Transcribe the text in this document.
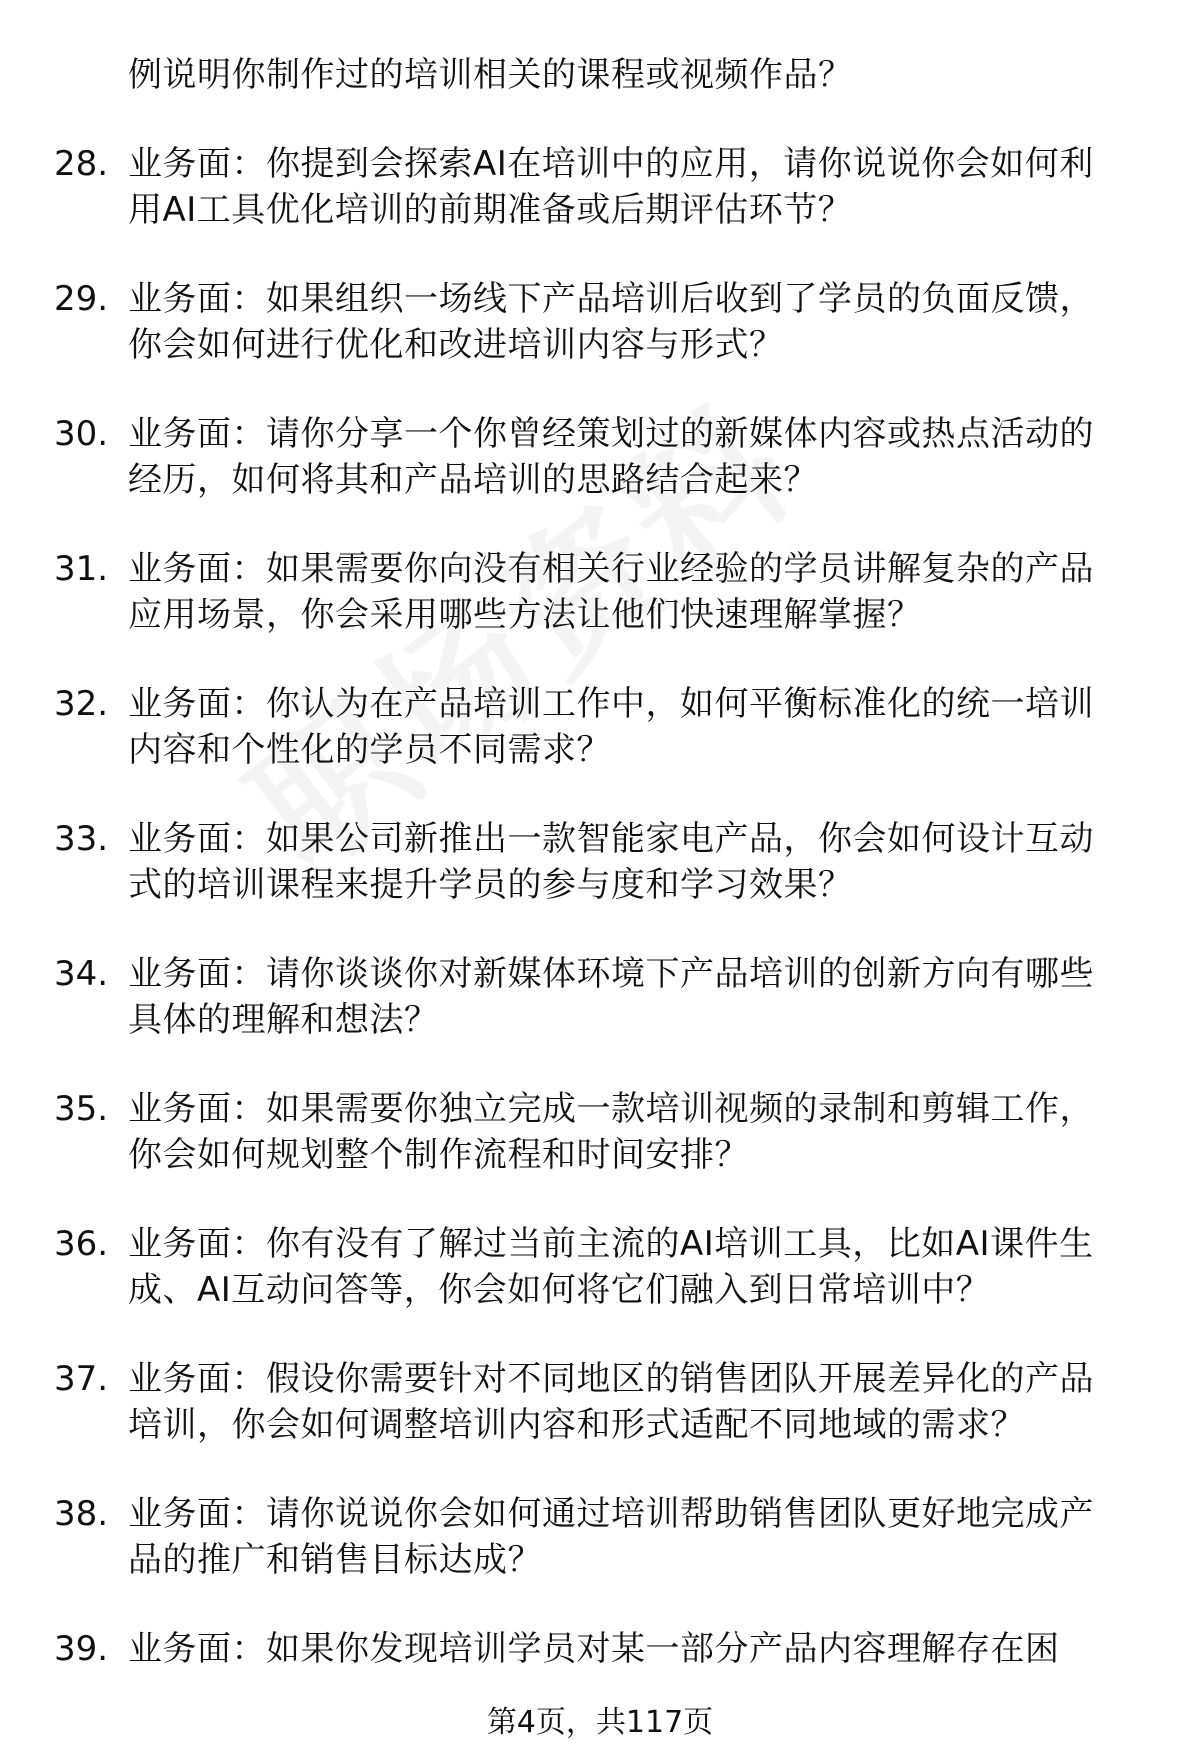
例说明你制作过的培训相关的课程或视频作品？
28. 业务面：你提到会探索AI在培训中的应用，请你说说你会如何利
用AI工具优化培训的前期准备或后期评估环节？
29. 业务面：如果组织一场线下产品培训后收到了学员的负面反馈，
你会如何进行优化和改进培训内容与形式？
30. 业务面：请你分享一个你曾经策划过的新媒体内容或热点活动的
经历，如何将其和产品培训的思路结合起来？
31. 业务面：如果需要你向没有相关行业经验的学员讲解复杂的产品
应用场景，你会采用哪些方法让他们快速理解掌握？
32. 业务面：你认为在产品培训工作中，如何平衡标准化的统一培训
内容和个性化的学员不同需求？
33. 业务面：如果公司新推出一款智能家电产品，你会如何设计互动
式的培训课程来提升学员的参与度和学习效果？
34. 业务面：请你谈谈你对新媒体环境下产品培训的创新方向有哪些
具体的理解和想法？
35. 业务面：如果需要你独立完成一款培训视频的录制和剪辑工作，
你会如何规划整个制作流程和时间安排？
36. 业务面：你有没有了解过当前主流的AI培训工具，比如AI课件生
成、AI互动问答等，你会如何将它们融入到日常培训中？
37. 业务面：假设你需要针对不同地区的销售团队开展差异化的产品
培训，你会如何调整培训内容和形式适配不同地域的需求？
38. 业务面：请你说说你会如何通过培训帮助销售团队更好地完成产
品的推广和销售目标达成？
39. 业务面：如果你发现培训学员对某一部分产品内容理解存在困
第4页，共117页
